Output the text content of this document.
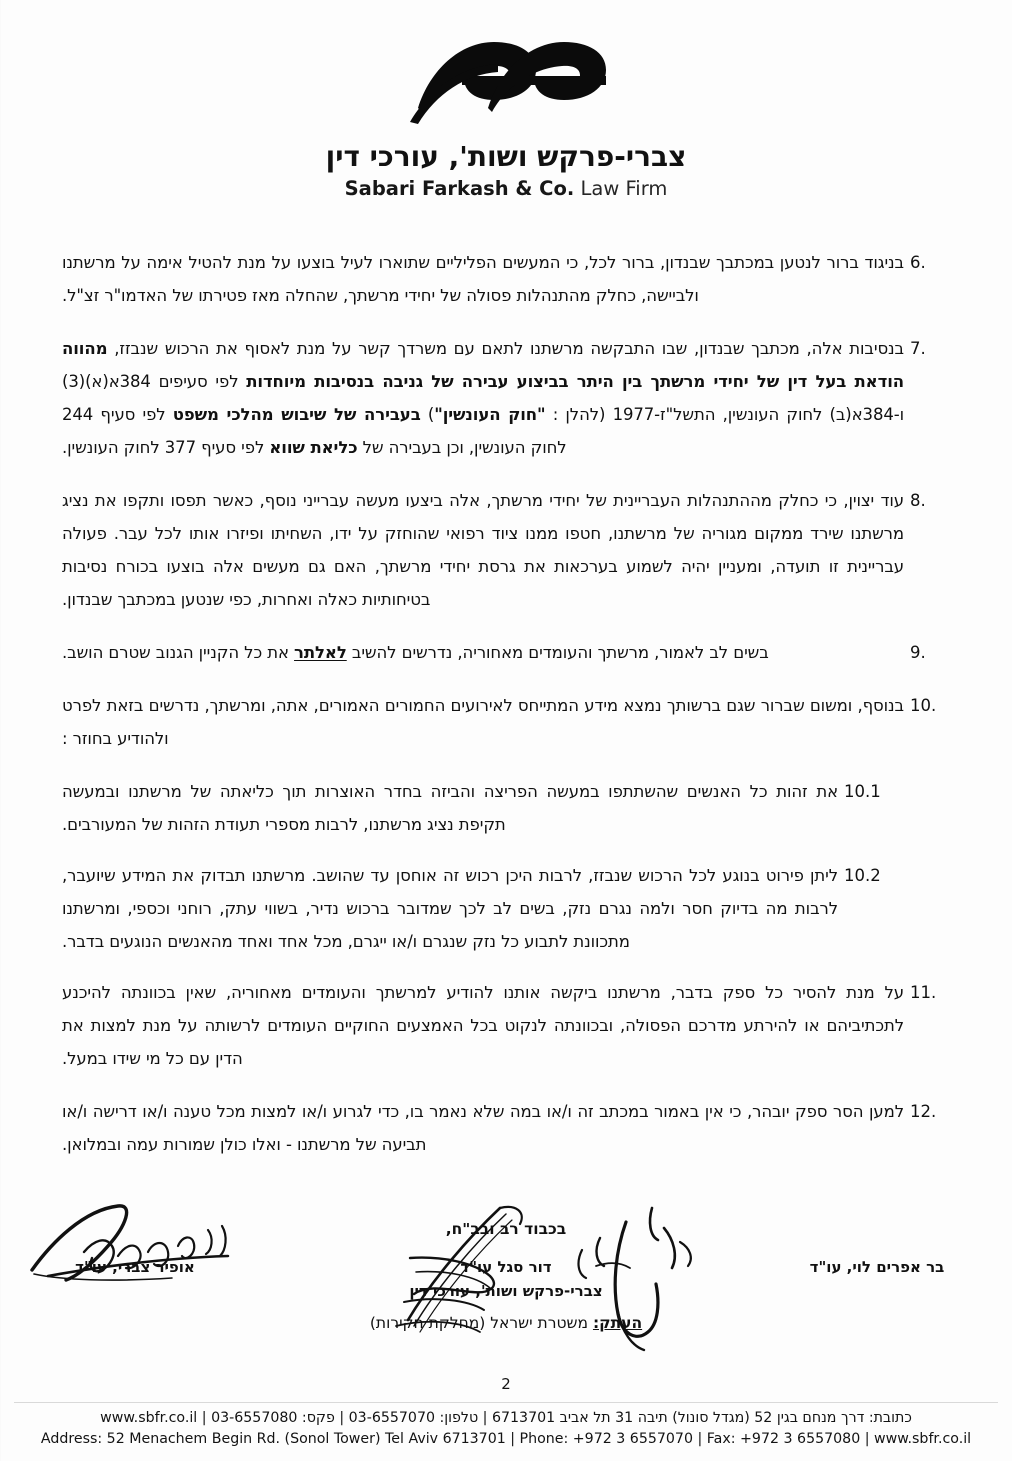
צברי-פרקש ושות', עורכי דין
Sabari Farkash & Co. Law Firm
6.
בניגוד ברור לנטען במכתבך שבנדון, ברור לכל, כי המעשים הפליליים שתוארו לעיל בוצעו על מנת להטיל אימה על מרשתנו ולביישה, כחלק מהתנהלות פסולה של יחידי מרשתך, שהחלה מאז פטירתו של האדמו"ר זצ"ל.
7.
בנסיבות אלה, מכתבך שבנדון, שבו התבקשה מרשתנו לתאם עם משרדך קשר על מנת לאסוף את הרכוש שנבזז, מהווה הודאת בעל דין של יחידי מרשתך בין היתר בביצוע עבירה של גניבה בנסיבות מיוחדות לפי סעיפים 384א(א)(3) ו-384א(ב) לחוק העונשין, התשל"ז-1977 (להלן : "חוק העונשין") בעבירה של שיבוש מהלכי משפט לפי סעיף 244 לחוק העונשין, וכן בעבירה של כליאת שווא לפי סעיף 377 לחוק העונשין.
8.
עוד יצוין, כי כחלק מההתנהלות העבריינית של יחידי מרשתך, אלה ביצעו מעשה עברייני נוסף, כאשר תפסו ותקפו את נציג מרשתנו שירד ממקום מגוריה של מרשתנו, חטפו ממנו ציוד רפואי שהוחזק על ידו, השחיתו ופיזרו אותו לכל עבר. פעולה עבריינית זו תועדה, ומעניין יהיה לשמוע בערכאות את גרסת יחידי מרשתך, האם גם מעשים אלה בוצעו בכורח נסיבות בטיחותיות כאלה ואחרות, כפי שנטען במכתבך שבנדון.
9.
בשים לב לאמור, מרשתך והעומדים מאחוריה, נדרשים להשיב לאלתר את כל הקניין הגנוב שטרם הושב.
10.
בנוסף, ומשום שברור שגם ברשותך נמצא מידע המתייחס לאירועים החמורים האמורים, אתה, ומרשתך, נדרשים בזאת לפרט ולהודיע בחוזר :
10.1
את זהות כל האנשים שהשתתפו במעשה הפריצה והביזה בחדר האוצרות תוך כליאתה של מרשתנו ובמעשה תקיפת נציג מרשתנו, לרבות מספרי תעודת הזהות של המעורבים.
10.2
ליתן פירוט בנוגע לכל הרכוש שנבזז, לרבות היכן רכוש זה אוחסן עד שהושב. מרשתנו תבדוק את המידע שיועבר, לרבות מה בדיוק חסר ולמה נגרם נזק, בשים לב לכך שמדובר ברכוש נדיר, בשווי עתק, רוחני וכספי, ומרשתנו מתכוונת לתבוע כל נזק שנגרם ו/או ייגרם, מכל אחד ואחד מהאנשים הנוגעים בדבר.
11.
על מנת להסיר כל ספק בדבר, מרשתנו ביקשה אותנו להודיע למרשתך והעומדים מאחוריה, שאין בכוונתה להיכנע לתכתיביהם או להירתע מדרכם הפסולה, ובכוונתה לנקוט בכל האמצעים החוקיים העומדים לרשותה על מנת למצות את הדין עם כל מי שידו במעל.
12.
למען הסר ספק יובהר, כי אין באמור במכתב זה ו/או במה שלא נאמר בו, כדי לגרוע ו/או למצות מכל טענה ו/או דרישה ו/או תביעה של מרשתנו - ואלו כולן שמורות עמה ובמלואן.
בכבוד רב ובב"ח,
בר אפרים לוי, עו"ד
דור סגל עו"ד
אופיר צברי, עו"ד
צברי-פרקש ושות', עורכי דין
העתק: משטרת ישראל (מחלקת חקירות)
2
כתובת: דרך מנחם בגין 52 (מגדל סונול) תיבה 31 תל אביב 6713701 | טלפון: 03-6557070 | פקס: 03-6557080 | www.sbfr.co.il
Address: 52 Menachem Begin Rd. (Sonol Tower) Tel Aviv 6713701 | Phone: +972 3 6557070 | Fax: +972 3 6557080 | www.sbfr.co.il
